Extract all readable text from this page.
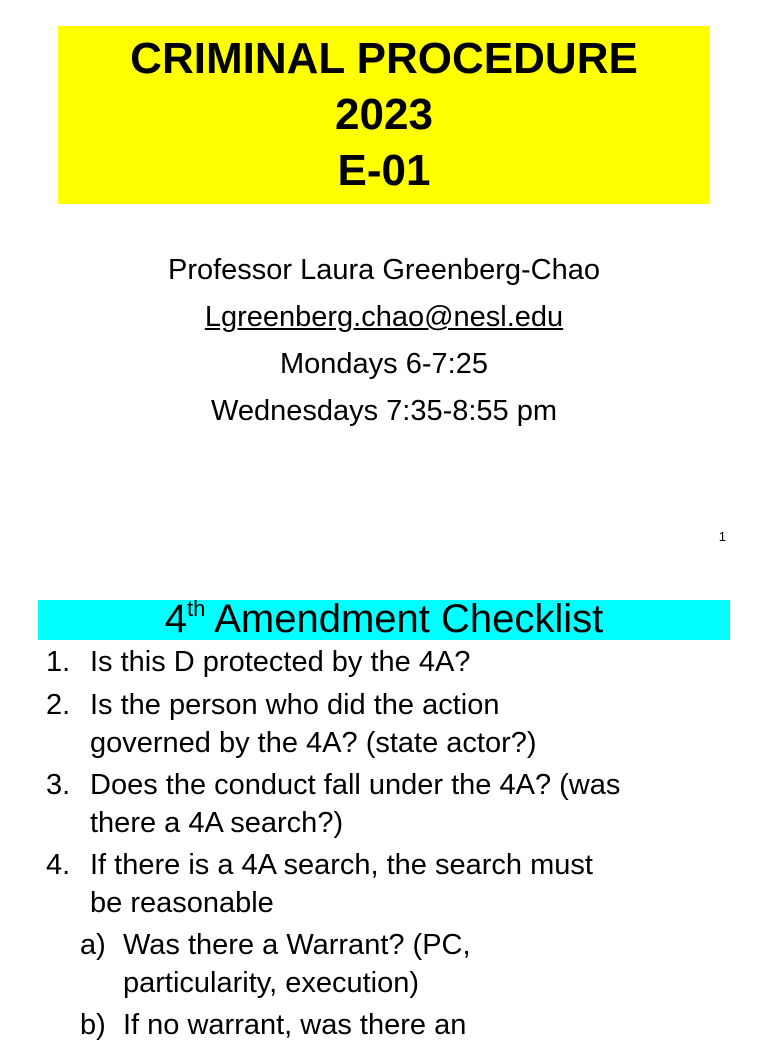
CRIMINAL PROCEDURE
2023
E-01
Professor Laura Greenberg-Chao
Lgreenberg.chao@nesl.edu
Mondays 6-7:25
Wednesdays 7:35-8:55 pm
1
4th Amendment Checklist
1. Is this D protected by the 4A?
2. Is the person who did the action
governed by the 4A? (state actor?)
3. Does the conduct fall under the 4A? (was
there a 4A search?)
4. If there is a 4A search, the search must
be reasonable
a) Was there a Warrant? (PC,
particularity, execution)
b) If no warrant, was there an
